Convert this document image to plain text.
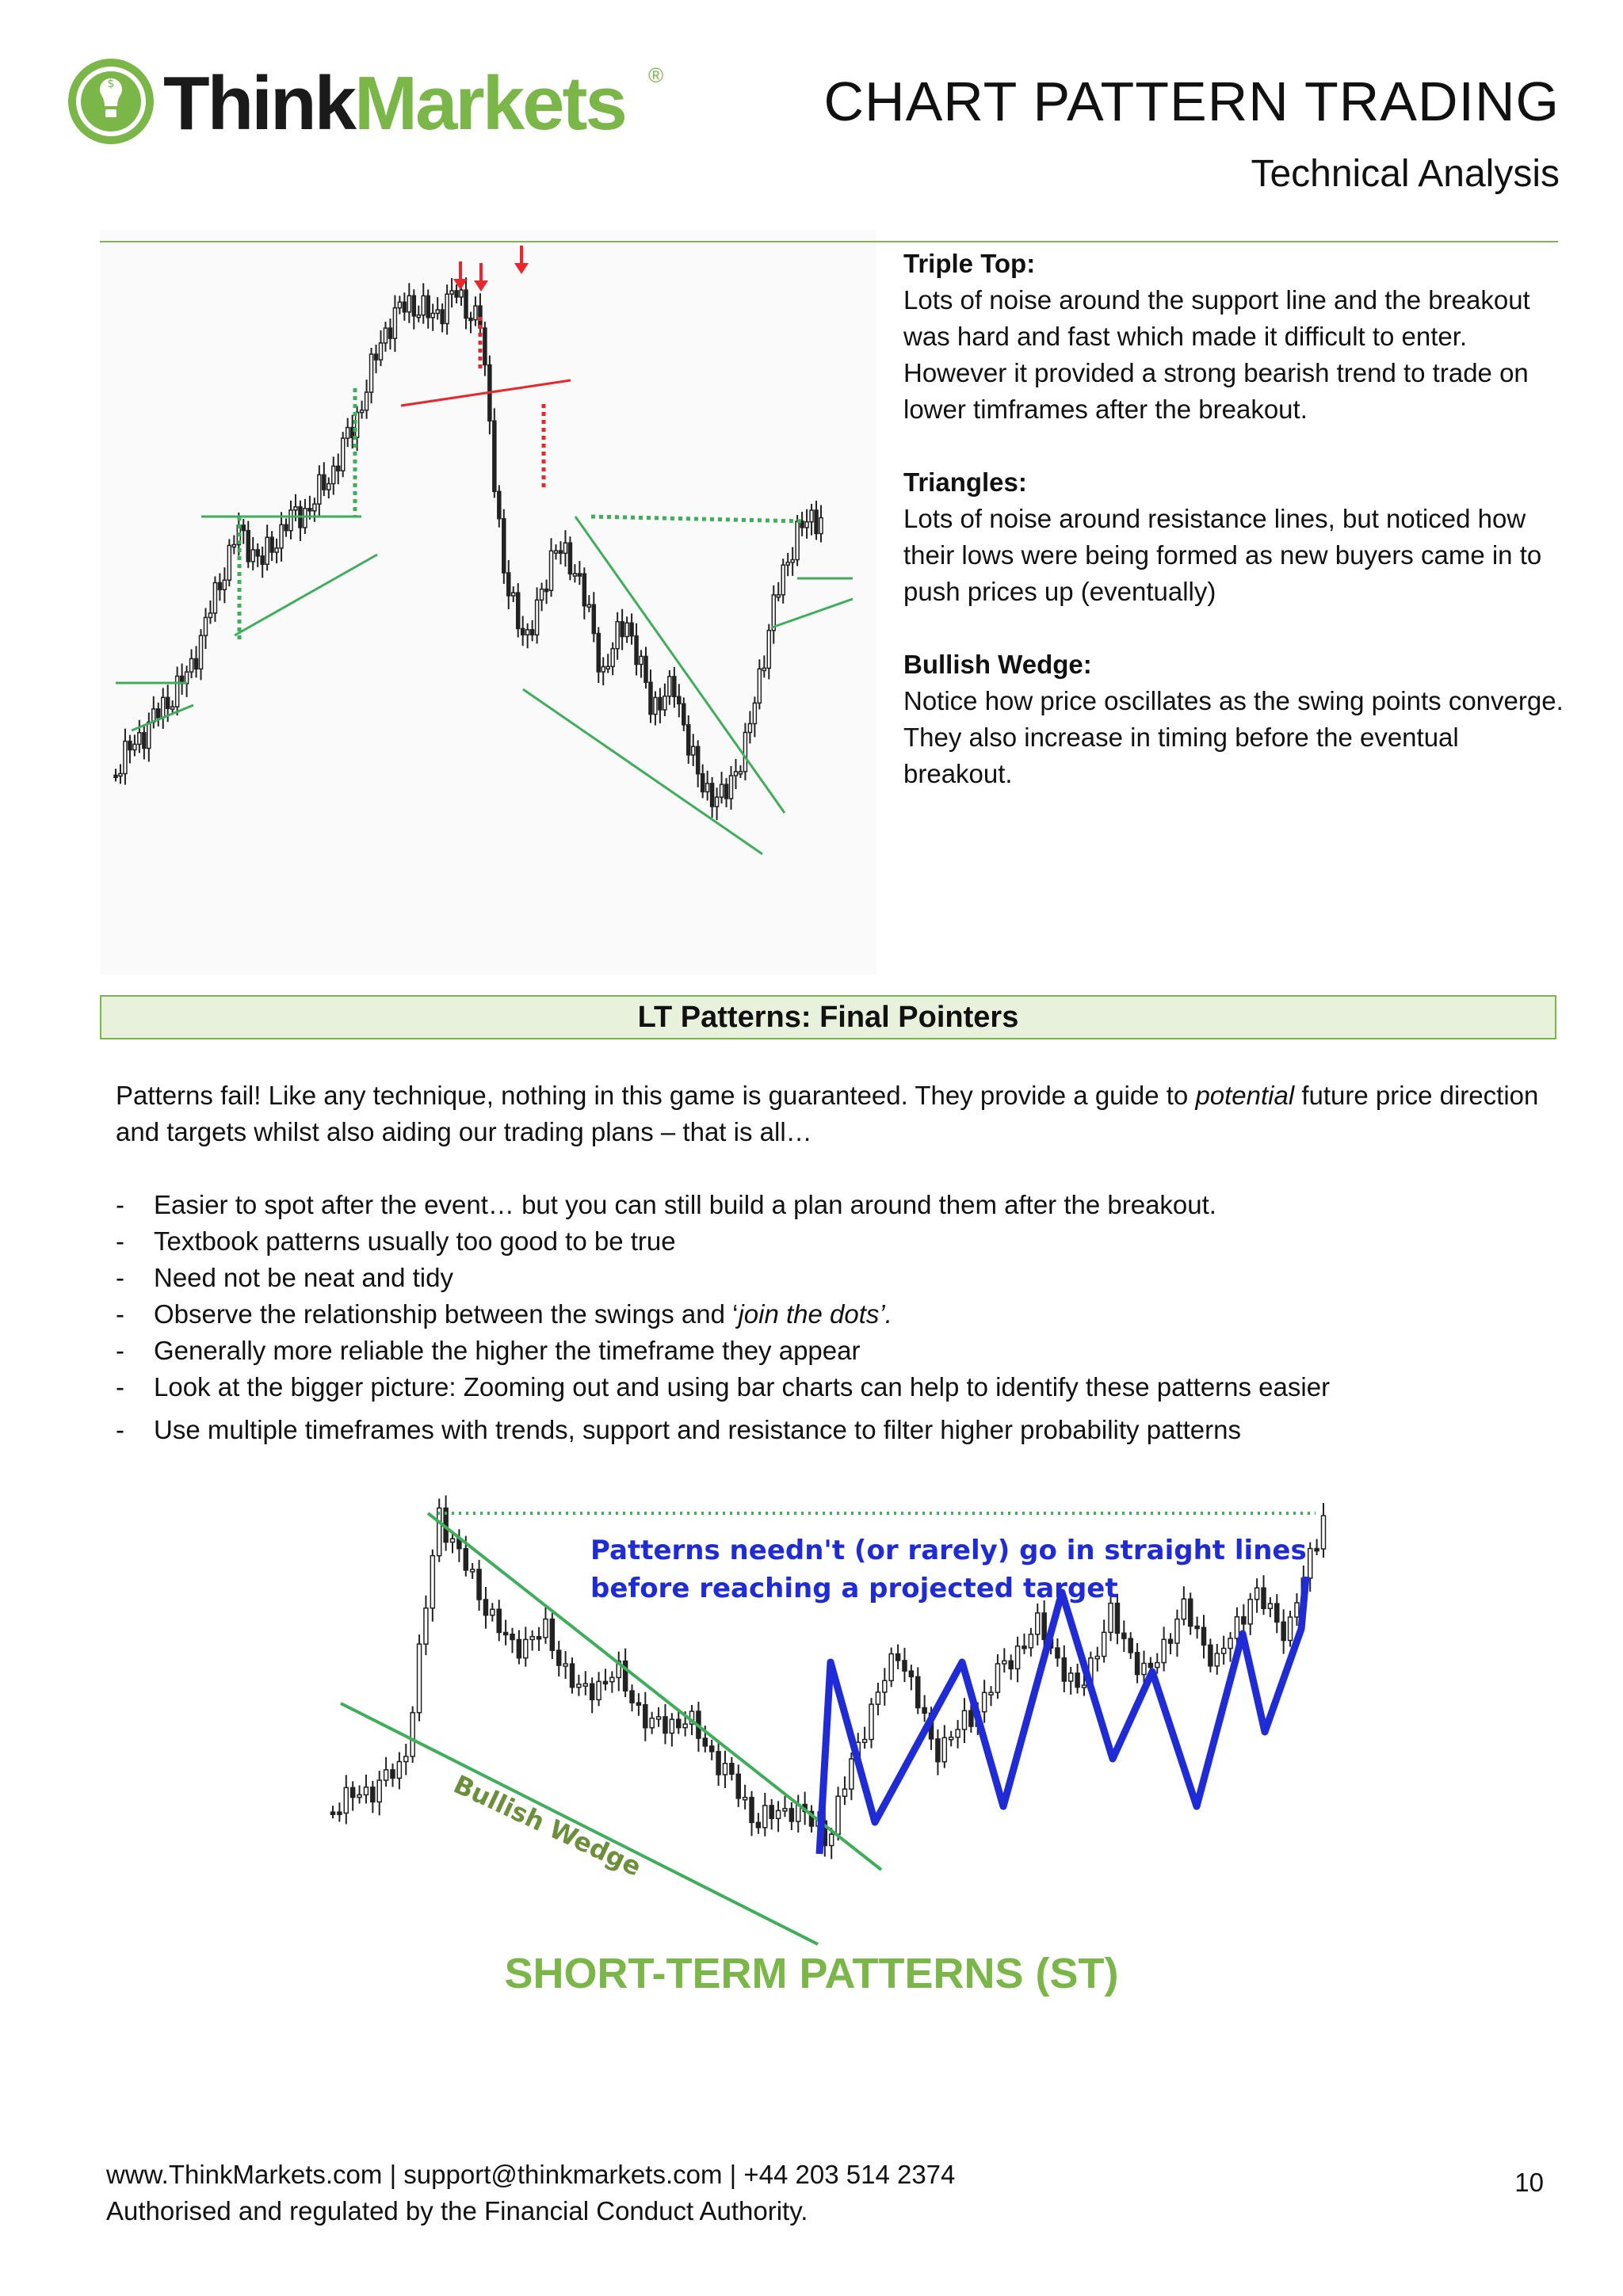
$ ThinkMarkets ®	CHART PATTERN TRADING
Technical Analysis
Triple Top:
Lots of noise around the support line and the breakout was hard and fast which made it difficult to enter. However it provided a strong bearish trend to trade on lower timframes after the breakout.
Triangles:
Lots of noise around resistance lines, but noticed how their lows were being formed as new buyers came in to push prices up (eventually)
Bullish Wedge:
Notice how price oscillates as the swing points converge. They also increase in timing before the eventual breakout.
LT Patterns: Final Pointers
Patterns fail! Like any technique, nothing in this game is guaranteed. They provide a guide to potential future price direction and targets whilst also aiding our trading plans – that is all…
- Easier to spot after the event… but you can still build a plan around them after the breakout.
- Textbook patterns usually too good to be true
- Need not be neat and tidy
- Observe the relationship between the swings and ‘join the dots’.
- Generally more reliable the higher the timeframe they appear
- Look at the bigger picture: Zooming out and using bar charts can help to identify these patterns easier
- Use multiple timeframes with trends, support and resistance to filter higher probability patterns
Patterns needn't (or rarely) go in straight lines
before reaching a projected target
Bullish Wedge
SHORT-TERM PATTERNS (ST)
www.ThinkMarkets.com | support@thinkmarkets.com | +44 203 514 2374
Authorised and regulated by the Financial Conduct Authority.
10
